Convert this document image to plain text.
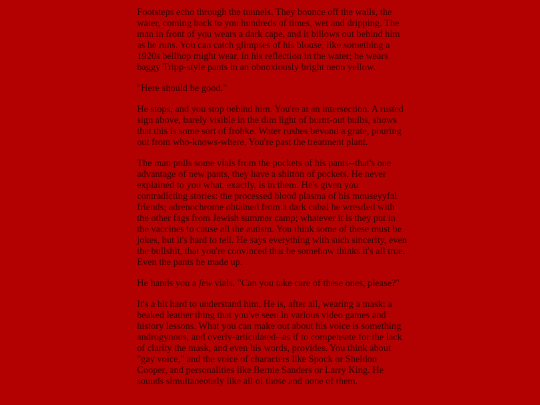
Footsteps echo through the tunnels. They bounce off the walls, the water, coming back to you hundreds of times, wet and dripping. The man in front of you wears a dark cape, and it billows out behind him as he runs. You can catch glimpses of his blouse, like something a 1920s bellhop might wear, in his reflection in the water; he wears baggy Tripp-style pants in an obnoxiously bright neon yellow.

"Here should be good."

He stops, and you stop behind him. You're at an intersection. A rusted sign above, barely visible in the dim light of burnt-out bulbs, shows that this is some sort of frohke. Water rushes beyond a grate, pouring out from who-knows-where. You're past the treatment plant.

The man pulls some vials from the pockets of his pants--that's one advantage of new pants, they have a shitton of pockets. He never explained to you what, exactly, is in them. He's given you contradicting stories: the processed blood plasma of his mouseyyfal friends; adrenochrome obtained from a dark cabal he wrestled with the other fags from Jewish summer camp; whatever it is they put in the vaccines to cause all the autism. You think some of these must be jokes, but it's hard to tell. He says everything with such sincerity, even the bullshit, that you're convinced that he somehow thinks it's all true. Even the pants he made up.

He hands you a few vials. "Can you take care of these ones, please?"

It's a bit hard to understand him. He is, after all, wearing a mask: a beaked leather thing that you've seen in various video games and history lessons. What you can make out about his voice is something androgynous, and overly-articulated--as if to compensate for the lack of clarity the mask, and even his words, provides. You think about "gay voice," and the voice of characters like Spock or Sheldon Cooper, and personalities like Bernie Sanders or Larry King. He sounds simultaneously like all of those and none of them.
